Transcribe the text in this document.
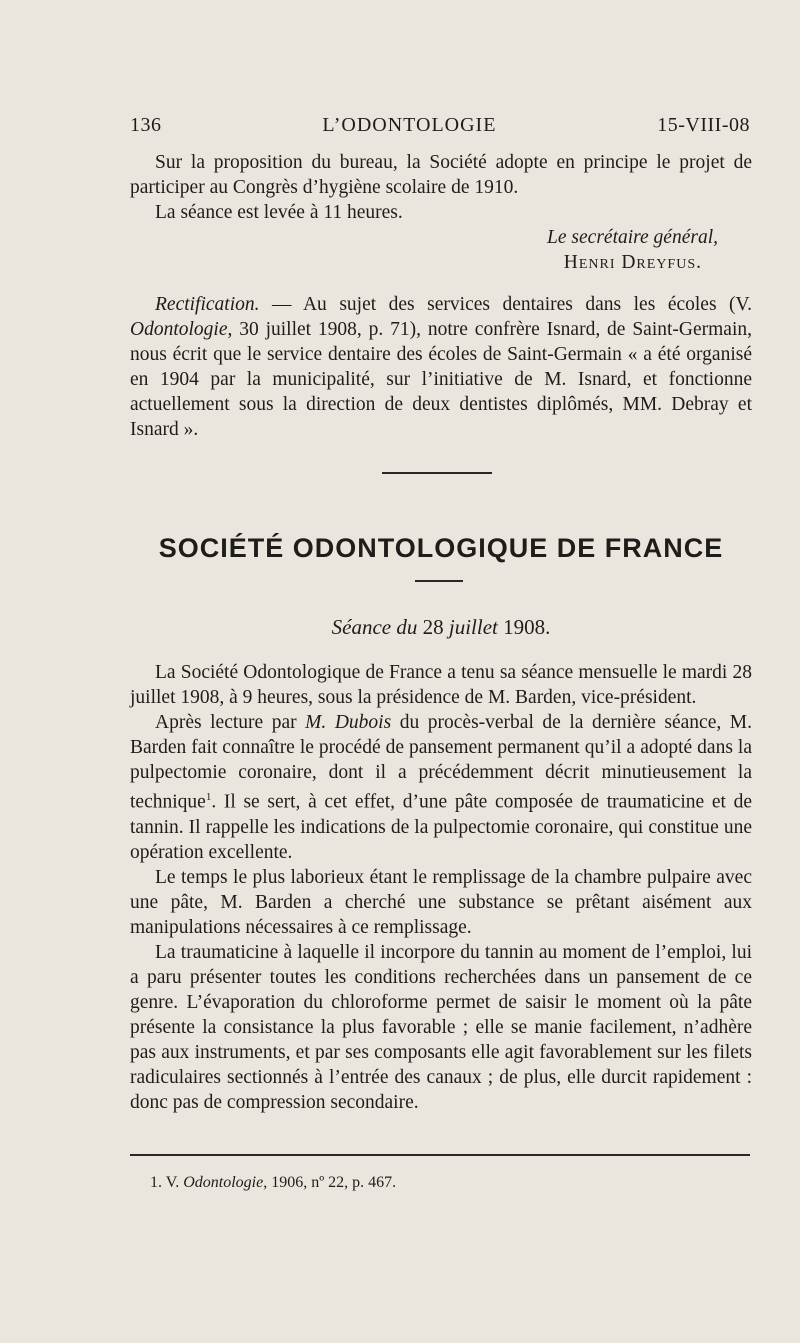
136	L’ODONTOLOGIE	15-VIII-08

Sur la proposition du bureau, la Société adopte en principe le projet de participer au Congrès d’hygiène scolaire de 1910.

La séance est levée à 11 heures.

Le secrétaire général,
Henri Dreyfus.

Rectification. — Au sujet des services dentaires dans les écoles (V. Odontologie, 30 juillet 1908, p. 71), notre confrère Isnard, de Saint-Germain, nous écrit que le service dentaire des écoles de Saint-Germain « a été organisé en 1904 par la municipalité, sur l’initiative de M. Isnard, et fonctionne actuellement sous la direction de deux dentistes diplômés, MM. Debray et Isnard ».

SOCIÉTÉ ODONTOLOGIQUE DE FRANCE
Séance du 28 juillet 1908.

La Société Odontologique de France a tenu sa séance mensuelle le mardi 28 juillet 1908, à 9 heures, sous la présidence de M. Barden, vice-président.

Après lecture par M. Dubois du procès-verbal de la dernière séance, M. Barden fait connaître le procédé de pansement permanent qu’il a adopté dans la pulpectomie coronaire, dont il a précédemment décrit minutieusement la technique$^1$. Il se sert, à cet effet, d’une pâte composée de traumaticine et de tannin. Il rappelle les indications de la pulpectomie coronaire, qui constitue une opération excellente.

Le temps le plus laborieux étant le remplissage de la chambre pulpaire avec une pâte, M. Barden a cherché une substance se prêtant aisément aux manipulations nécessaires à ce remplissage.

La traumaticine à laquelle il incorpore du tannin au moment de l’emploi, lui a paru présenter toutes les conditions recherchées dans un pansement de ce genre. L’évaporation du chloroforme permet de saisir le moment où la pâte présente la consistance la plus favorable ; elle se manie facilement, n’adhère pas aux instruments, et par ses composants elle agit favorablement sur les filets radiculaires sectionnés à l’entrée des canaux ; de plus, elle durcit rapidement : donc pas de compression secondaire.

1. V. Odontologie, 1906, nº 22, p. 467.
